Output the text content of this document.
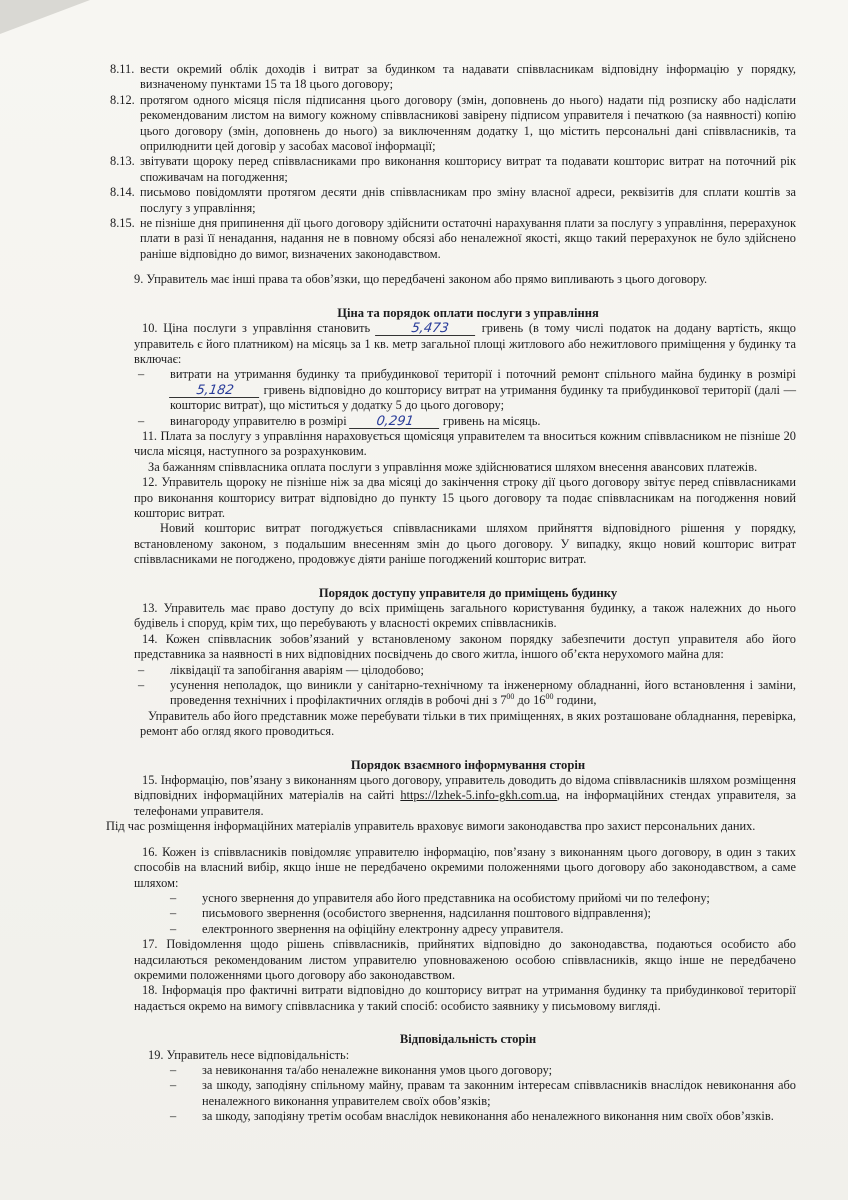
8.11. вести окремий облік доходів і витрат за будинком та надавати співвласникам відповідну інформацію у порядку, визначеному пунктами 15 та 18 цього договору;
8.12. протягом одного місяця після підписання цього договору (змін, доповнень до нього) надати під розписку або надіслати рекомендованим листом на вимогу кожному співвласникові завірену підписом управителя і печаткою (за наявності) копію цього договору (змін, доповнень до нього) за виключенням додатку 1, що містить персональні дані співвласників, та оприлюднити цей договір у засобах масової інформації;
8.13. звітувати щороку перед співвласниками про виконання кошторису витрат та подавати кошторис витрат на поточний рік споживачам на погодження;
8.14. письмово повідомляти протягом десяти днів співвласникам про зміну власної адреси, реквізитів для сплати коштів за послугу з управління;
8.15. не пізніше дня припинення дії цього договору здійснити остаточні нарахування плати за послугу з управління, перерахунок плати в разі її ненадання, надання не в повному обсязі або неналежної якості, якщо такий перерахунок не було здійснено раніше відповідно до вимог, визначених законодавством.

9. Управитель має інші права та обов’язки, що передбачені законом або прямо випливають з цього договору.

Ціна та порядок оплати послуги з управління

10. Ціна послуги з управління становить	5,473	гривень (в тому числі податок на додану вартість, якщо управитель є його платником) на місяць за 1 кв. метр загальної площі житлового або нежитлового приміщення у будинку та включає:

–	витрати на утримання будинку та прибудинкової території і поточний ремонт спільного майна будинку в розмірі 5,182 гривень відповідно до кошторису витрат на утримання будинку та прибудинкової території (далі — кошторис витрат), що міститься у додатку 5 до цього договору;
–	винагороду управителю в розмірі 0,291 гривень на місяць.

11. Плата за послугу з управління нараховується щомісяця управителем та вноситься кожним співвласником не пізніше 20 числа місяця, наступного за розрахунковим.

За бажанням співвласника оплата послуги з управління може здійснюватися шляхом внесення авансових платежів.

12. Управитель щороку не пізніше ніж за два місяці до закінчення строку дії цього договору звітує перед співвласниками про виконання кошторису витрат відповідно до пункту 15 цього договору та подає співвласникам на погодження новий кошторис витрат.

Новий кошторис витрат погоджується співвласниками шляхом прийняття відповідного рішення у порядку, встановленому законом, з подальшим внесенням змін до цього договору. У випадку, якщо новий кошторис витрат співвласниками не погоджено, продовжує діяти раніше погоджений кошторис витрат.

Порядок доступу управителя до приміщень будинку

13. Управитель має право доступу до всіх приміщень загального користування будинку, а також належних до нього будівель і споруд, крім тих, що перебувають у власності окремих співвласників.

14. Кожен співвласник зобов’язаний у встановленому законом порядку забезпечити доступ управителя або його представника за наявності в них відповідних посвідчень до свого житла, іншого об’єкта нерухомого майна для:

–	ліквідації та запобігання аваріям — цілодобово;
–	усунення неполадок, що виникли у санітарно-технічному та інженерному обладнанні, його встановлення і заміни, проведення технічних і профілактичних оглядів в робочі дні з $7^{00}$ до $16^{00}$ години,

Управитель або його представник може перебувати тільки в тих приміщеннях, в яких розташоване обладнання, перевірка, ремонт або огляд якого проводиться.

Порядок взаємного інформування сторін

15. Інформацію, пов’язану з виконанням цього договору, управитель доводить до відома співвласників шляхом розміщення відповідних інформаційних матеріалів на сайті https://lzhek-5.info-gkh.com.ua, на інформаційних стендах управителя, за телефонами управителя.

Під час розміщення інформаційних матеріалів управитель враховує вимоги законодавства про захист персональних даних.

16. Кожен із співвласників повідомляє управителю інформацію, пов’язану з виконанням цього договору, в один з таких способів на власний вибір, якщо інше не передбачено окремими положеннями цього договору або законодавством, а саме шляхом:

–	усного звернення до управителя або його представника на особистому прийомі чи по телефону;
–	письмового звернення (особистого звернення, надсилання поштового відправлення);
–	електронного звернення на офіційну електронну адресу управителя.

17. Повідомлення щодо рішень співвласників, прийнятих відповідно до законодавства, подаються особисто або надсилаються рекомендованим листом управителю уповноваженою особою співвласників, якщо інше не передбачено окремими положеннями цього договору або законодавством.

18. Інформація про фактичні витрати відповідно до кошторису витрат на утримання будинку та прибудинкової території надається окремо на вимогу співвласника у такий спосіб: особисто заявнику у письмовому вигляді.

Відповідальність сторін

19. Управитель несе відповідальність:

–	за невиконання та/або неналежне виконання умов цього договору;
–	за шкоду, заподіяну спільному майну, правам та законним інтересам співвласників внаслідок невиконання або неналежного виконання управителем своїх обов’язків;
–	за шкоду, заподіяну третім особам внаслідок невиконання або неналежного виконання ним своїх обов’язків.
